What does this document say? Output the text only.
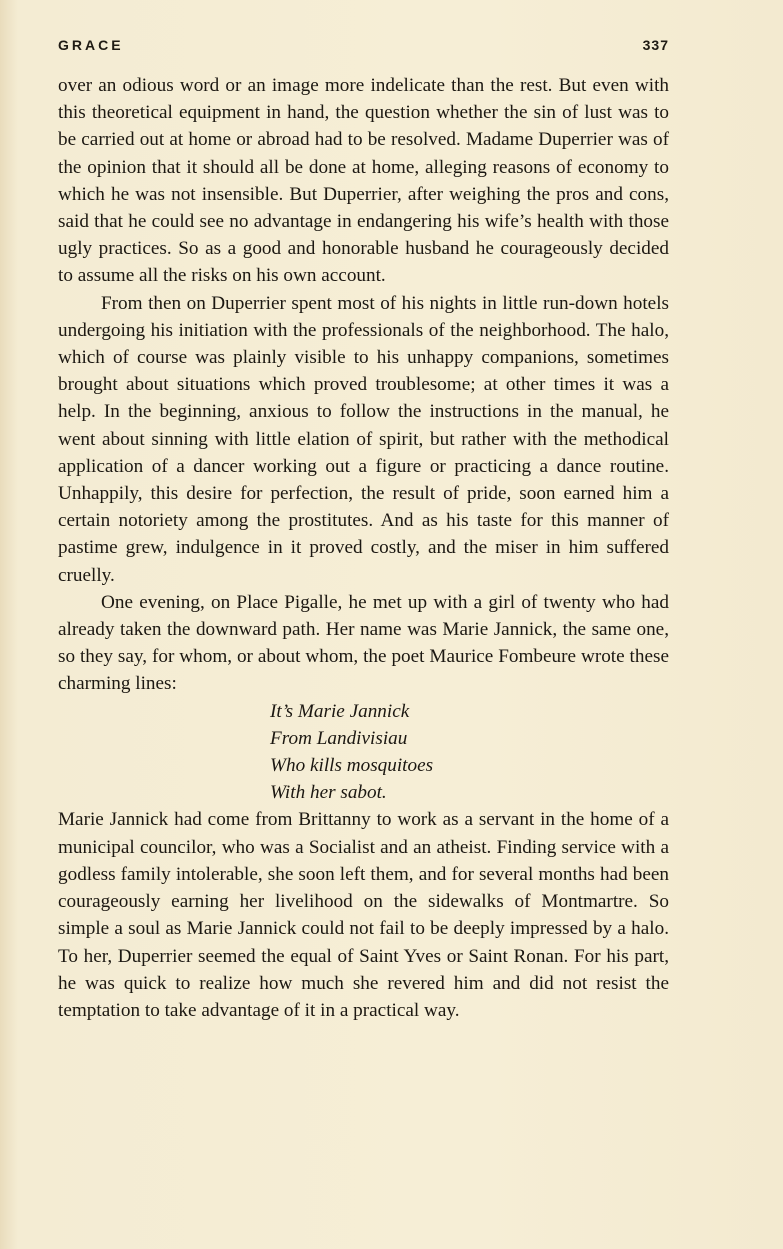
GRACE	337

over an odious word or an image more indelicate than the rest. But even with this theoretical equipment in hand, the question whether the sin of lust was to be carried out at home or abroad had to be resolved. Madame Duperrier was of the opinion that it should all be done at home, alleging reasons of economy to which he was not insensible. But Duperrier, after weighing the pros and cons, said that he could see no advantage in endangering his wife’s health with those ugly practices. So as a good and honorable husband he courageously decided to assume all the risks on his own account.

From then on Duperrier spent most of his nights in little run-down hotels undergoing his initiation with the professionals of the neighborhood. The halo, which of course was plainly visible to his unhappy companions, sometimes brought about situations which proved troublesome; at other times it was a help. In the beginning, anxious to follow the instructions in the manual, he went about sinning with little elation of spirit, but rather with the methodical application of a dancer working out a figure or practicing a dance routine. Unhappily, this desire for perfection, the result of pride, soon earned him a certain notoriety among the prostitutes. And as his taste for this manner of pastime grew, indulgence in it proved costly, and the miser in him suffered cruelly.

One evening, on Place Pigalle, he met up with a girl of twenty who had already taken the downward path. Her name was Marie Jannick, the same one, so they say, for whom, or about whom, the poet Maurice Fombeure wrote these charming lines:

It’s Marie Jannick
From Landivisiau
Who kills mosquitoes
With her sabot.

Marie Jannick had come from Brittanny to work as a servant in the home of a municipal councilor, who was a Socialist and an atheist. Finding service with a godless family intolerable, she soon left them, and for several months had been courageously earning her livelihood on the sidewalks of Montmartre. So simple a soul as Marie Jannick could not fail to be deeply impressed by a halo. To her, Duperrier seemed the equal of Saint Yves or Saint Ronan. For his part, he was quick to realize how much she revered him and did not resist the temptation to take advantage of it in a practical way.
